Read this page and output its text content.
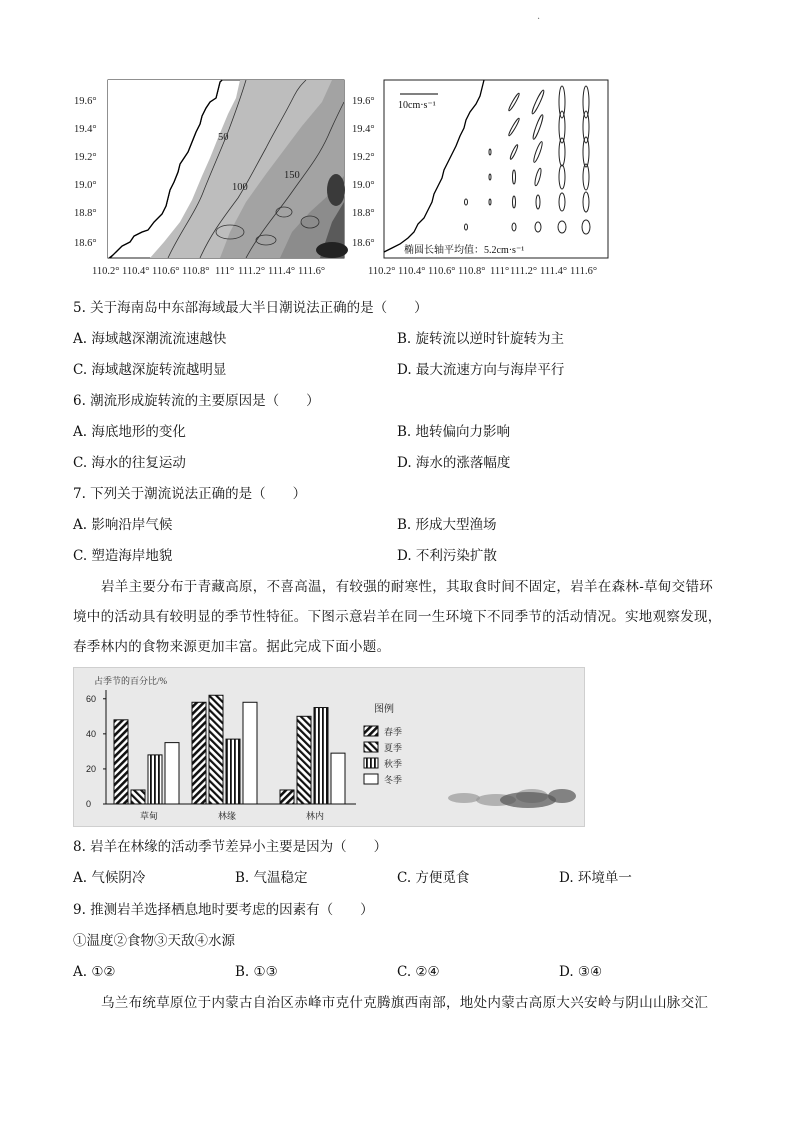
·
50
100
150
19.6°
19.4°
19.2°
19.0°
18.8°
18.6°
110.2° 110.4° 110.6° 110.8° 111° 111.2° 111.4° 111.6°
10cm·s⁻¹
椭圆长轴平均值：5.2cm·s⁻¹
19.6°
19.4°
19.2°
19.0°
18.8°
18.6°
110.2° 110.4° 110.6° 110.8° 111° 111.2° 111.4° 111.6°
5. 关于海南岛中东部海域最大半日潮说法正确的是（　　）
A. 海域越深潮流流速越快	B. 旋转流以逆时针旋转为主
C. 海域越深旋转流越明显	D. 最大流速方向与海岸平行
6. 潮流形成旋转流的主要原因是（　　）
A. 海底地形的变化	B. 地转偏向力影响
C. 海水的往复运动	D. 海水的涨落幅度
7. 下列关于潮流说法正确的是（　　）
A. 影响沿岸气候	B. 形成大型渔场
C. 塑造海岸地貌	D. 不利污染扩散
岩羊主要分布于青藏高原，不喜高温，有较强的耐寒性，其取食时间不固定，岩羊在森林-草甸交错环境中的活动具有较明显的季节性特征。下图示意岩羊在同一生环境下不同季节的活动情况。实地观察发现，春季林内的食物来源更加丰富。据此完成下面小题。
占季节的百分比/%
0
20
40
60
草甸	林缘	林内
图例
春季
夏季
秋季
冬季
8. 岩羊在林缘的活动季节差异小主要是因为（　　）
A. 气候阴冷	B. 气温稳定	C. 方便觅食	D. 环境单一
9. 推测岩羊选择栖息地时要考虑的因素有（　　）
①温度②食物③天敌④水源
A. ①②	B. ①③	C. ②④	D. ③④
乌兰布统草原位于内蒙古自治区赤峰市克什克腾旗西南部，地处内蒙古高原大兴安岭与阴山山脉交汇
